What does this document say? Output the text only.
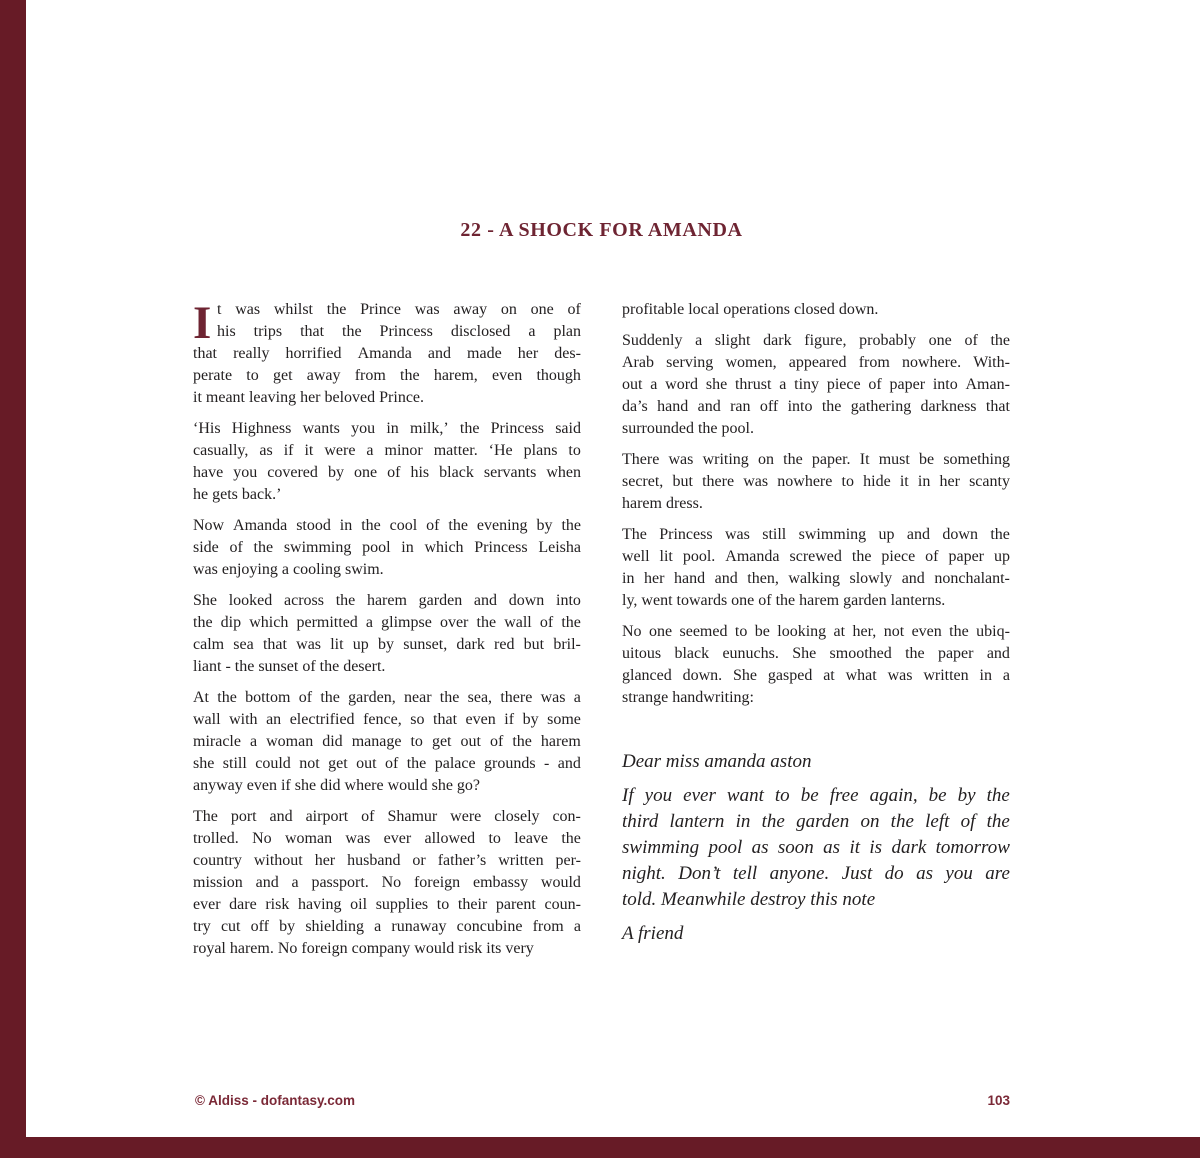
22 - A SHOCK FOR AMANDA
I t was whilst the Prince was away on one of
his trips that the Princess disclosed a plan
that really horrified Amanda and made her des-
perate to get away from the harem, even though
it meant leaving her beloved Prince.
‘His Highness wants you in milk,’ the Princess said
casually, as if it were a minor matter. ‘He plans to
have you covered by one of his black servants when
he gets back.’
Now Amanda stood in the cool of the evening by the
side of the swimming pool in which Princess Leisha
was enjoying a cooling swim.
She looked across the harem garden and down into
the dip which permitted a glimpse over the wall of the
calm sea that was lit up by sunset, dark red but bril-
liant - the sunset of the desert.
At the bottom of the garden, near the sea, there was a
wall with an electrified fence, so that even if by some
miracle a woman did manage to get out of the harem
she still could not get out of the palace grounds - and
anyway even if she did where would she go?
The port and airport of Shamur were closely con-
trolled. No woman was ever allowed to leave the
country without her husband or father’s written per-
mission and a passport. No foreign embassy would
ever dare risk having oil supplies to their parent coun-
try cut off by shielding a runaway concubine from a
royal harem. No foreign company would risk its very
profitable local operations closed down.
Suddenly a slight dark figure, probably one of the
Arab serving women, appeared from nowhere. With-
out a word she thrust a tiny piece of paper into Aman-
da’s hand and ran off into the gathering darkness that
surrounded the pool.
There was writing on the paper. It must be something
secret, but there was nowhere to hide it in her scanty
harem dress.
The Princess was still swimming up and down the
well lit pool. Amanda screwed the piece of paper up
in her hand and then, walking slowly and nonchalant-
ly, went towards one of the harem garden lanterns.
No one seemed to be looking at her, not even the ubiq-
uitous black eunuchs. She smoothed the paper and
glanced down. She gasped at what was written in a
strange handwriting:
Dear miss amanda aston
If you ever want to be free again, be by the
third lantern in the garden on the left of the
swimming pool as soon as it is dark tomorrow
night. Don’t tell anyone. Just do as you are
told. Meanwhile destroy this note
A friend
© Aldiss - dofantasy.com	103
